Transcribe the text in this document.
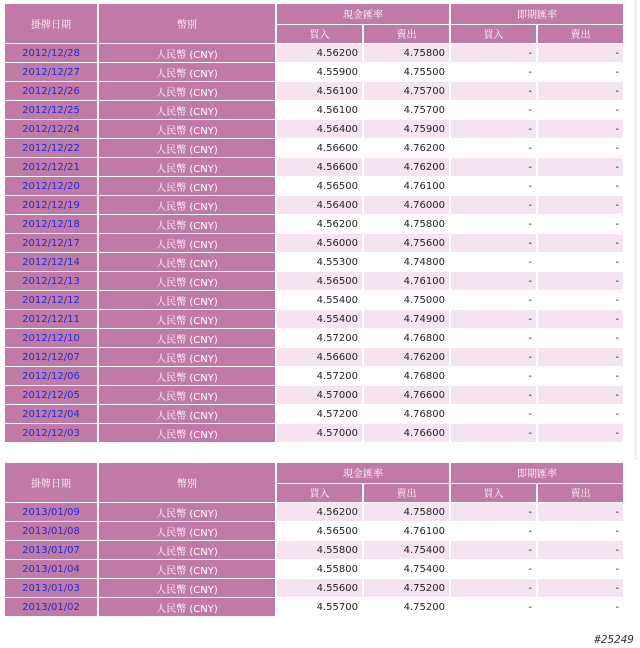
掛牌日期	幣別	現金匯率		即期匯率	
		買入	賣出	買入	賣出
2012/12/28	人民幣 (CNY)	4.56200	4.75800	-	-
2012/12/27	人民幣 (CNY)	4.55900	4.75500	-	-
2012/12/26	人民幣 (CNY)	4.56100	4.75700	-	-
2012/12/25	人民幣 (CNY)	4.56100	4.75700	-	-
2012/12/24	人民幣 (CNY)	4.56400	4.75900	-	-
2012/12/22	人民幣 (CNY)	4.56600	4.76200	-	-
2012/12/21	人民幣 (CNY)	4.56600	4.76200	-	-
2012/12/20	人民幣 (CNY)	4.56500	4.76100	-	-
2012/12/19	人民幣 (CNY)	4.56400	4.76000	-	-
2012/12/18	人民幣 (CNY)	4.56200	4.75800	-	-
2012/12/17	人民幣 (CNY)	4.56000	4.75600	-	-
2012/12/14	人民幣 (CNY)	4.55300	4.74800	-	-
2012/12/13	人民幣 (CNY)	4.56500	4.76100	-	-
2012/12/12	人民幣 (CNY)	4.55400	4.75000	-	-
2012/12/11	人民幣 (CNY)	4.55400	4.74900	-	-
2012/12/10	人民幣 (CNY)	4.57200	4.76800	-	-
2012/12/07	人民幣 (CNY)	4.56600	4.76200	-	-
2012/12/06	人民幣 (CNY)	4.57200	4.76800	-	-
2012/12/05	人民幣 (CNY)	4.57000	4.76600	-	-
2012/12/04	人民幣 (CNY)	4.57200	4.76800	-	-
2012/12/03	人民幣 (CNY)	4.57000	4.76600	-	-
掛牌日期	幣別	現金匯率		即期匯率	
		買入	賣出	買入	賣出
2013/01/09	人民幣 (CNY)	4.56200	4.75800	-	-
2013/01/08	人民幣 (CNY)	4.56500	4.76100	-	-
2013/01/07	人民幣 (CNY)	4.55800	4.75400	-	-
2013/01/04	人民幣 (CNY)	4.55800	4.75400	-	-
2013/01/03	人民幣 (CNY)	4.55600	4.75200	-	-
2013/01/02	人民幣 (CNY)	4.55700	4.75200	-	-
#25249
